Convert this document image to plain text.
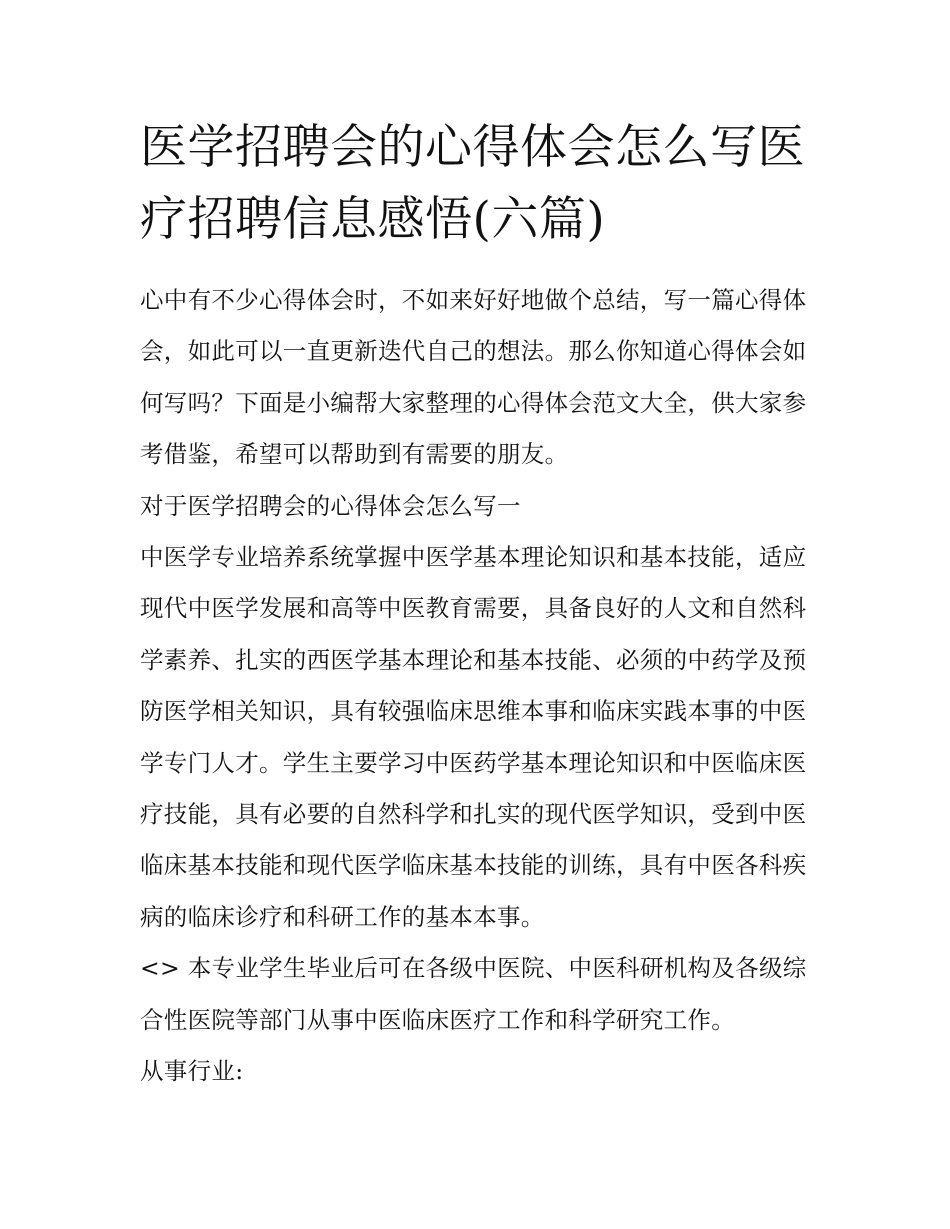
医学招聘会的心得体会怎么写医疗招聘信息感悟(六篇)

心中有不少心得体会时，不如来好好地做个总结，写一篇心得体会，如此可以一直更新迭代自己的想法。那么你知道心得体会如何写吗？下面是小编帮大家整理的心得体会范文大全，供大家参考借鉴，希望可以帮助到有需要的朋友。

对于医学招聘会的心得体会怎么写一

中医学专业培养系统掌握中医学基本理论知识和基本技能，适应现代中医学发展和高等中医教育需要，具备良好的人文和自然科学素养、扎实的西医学基本理论和基本技能、必须的中药学及预防医学相关知识，具有较强临床思维本事和临床实践本事的中医学专门人才。学生主要学习中医药学基本理论知识和中医临床医疗技能，具有必要的自然科学和扎实的现代医学知识，受到中医临床基本技能和现代医学临床基本技能的训练，具有中医各科疾病的临床诊疗和科研工作的基本本事。

<> 本专业学生毕业后可在各级中医院、中医科研机构及各级综合性医院等部门从事中医临床医疗工作和科学研究工作。

从事行业:
